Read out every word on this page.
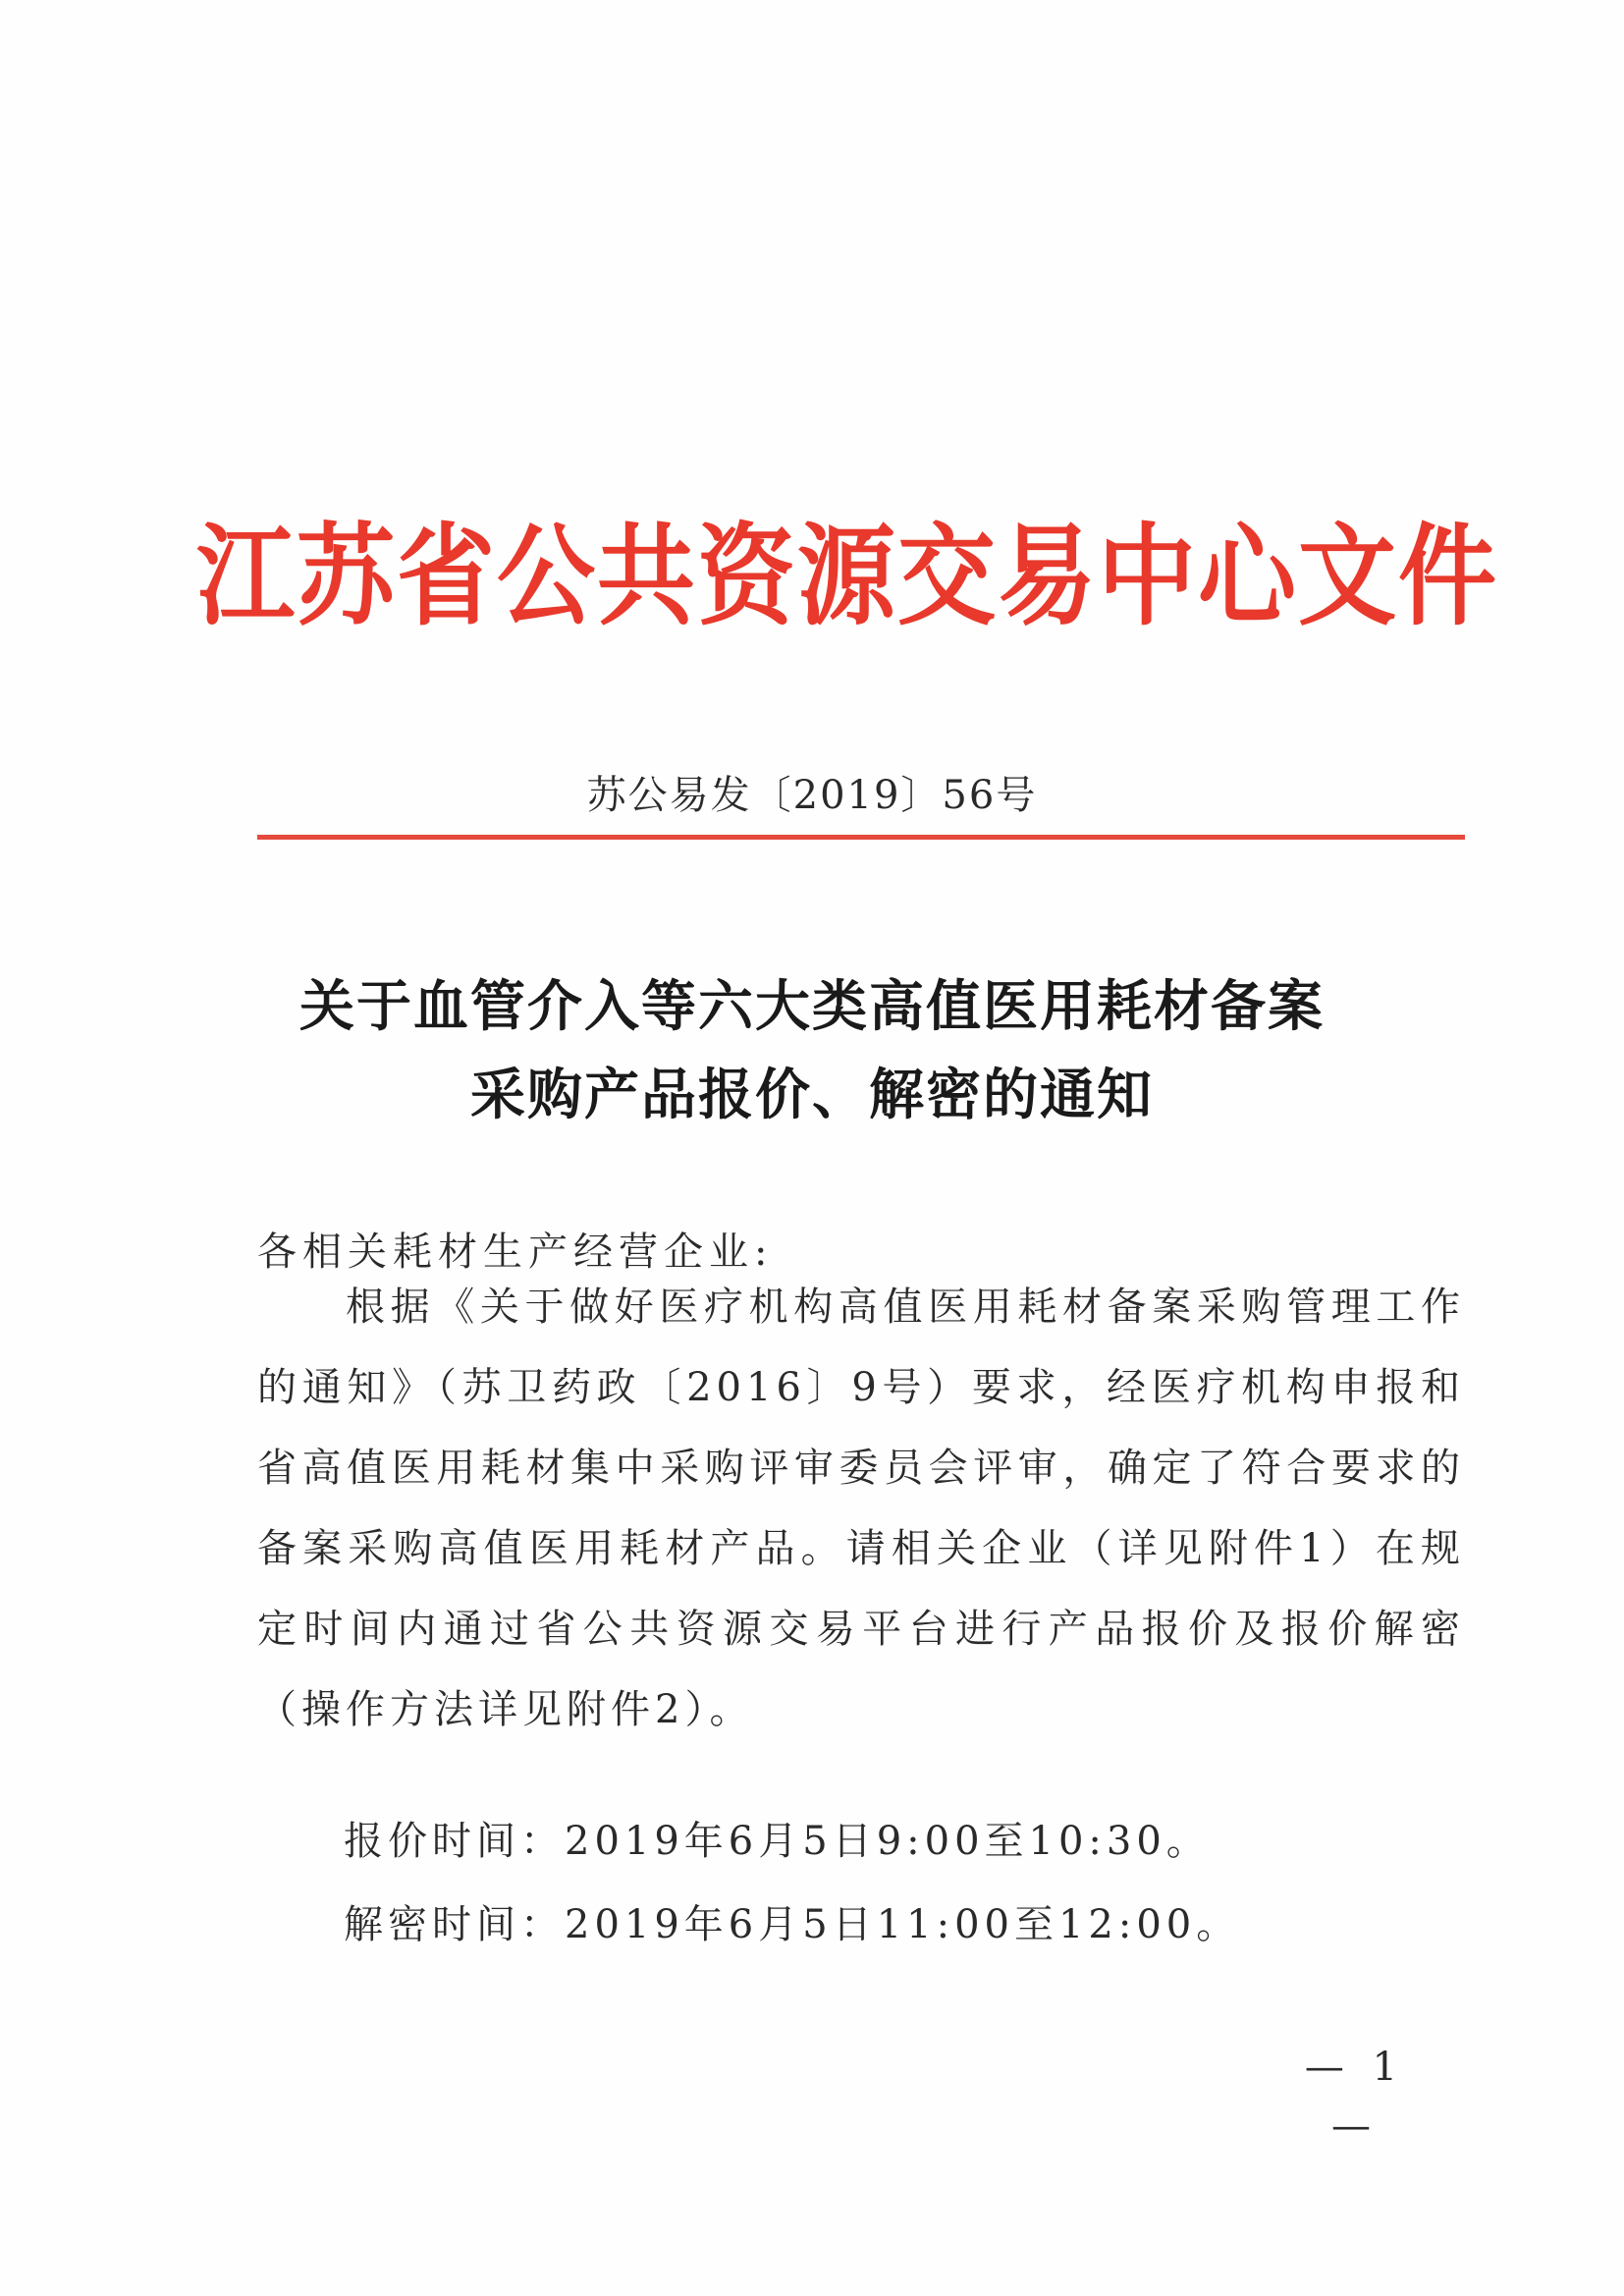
江苏省公共资源交易中心文件
苏公易发〔2019〕56号
关于血管介入等六大类高值医用耗材备案
采购产品报价、解密的通知
各相关耗材生产经营企业:
根据《关于做好医疗机构高值医用耗材备案采购管理工作的通知》（苏卫药政〔2016〕9号）要求，经医疗机构申报和省高值医用耗材集中采购评审委员会评审，确定了符合要求的备案采购高值医用耗材产品。请相关企业（详见附件1）在规定时间内通过省公共资源交易平台进行产品报价及报价解密（操作方法详见附件2）。
报价时间：2019年6月5日9:00至10:30。
解密时间：2019年6月5日11:00至12:00。
— 1 —
